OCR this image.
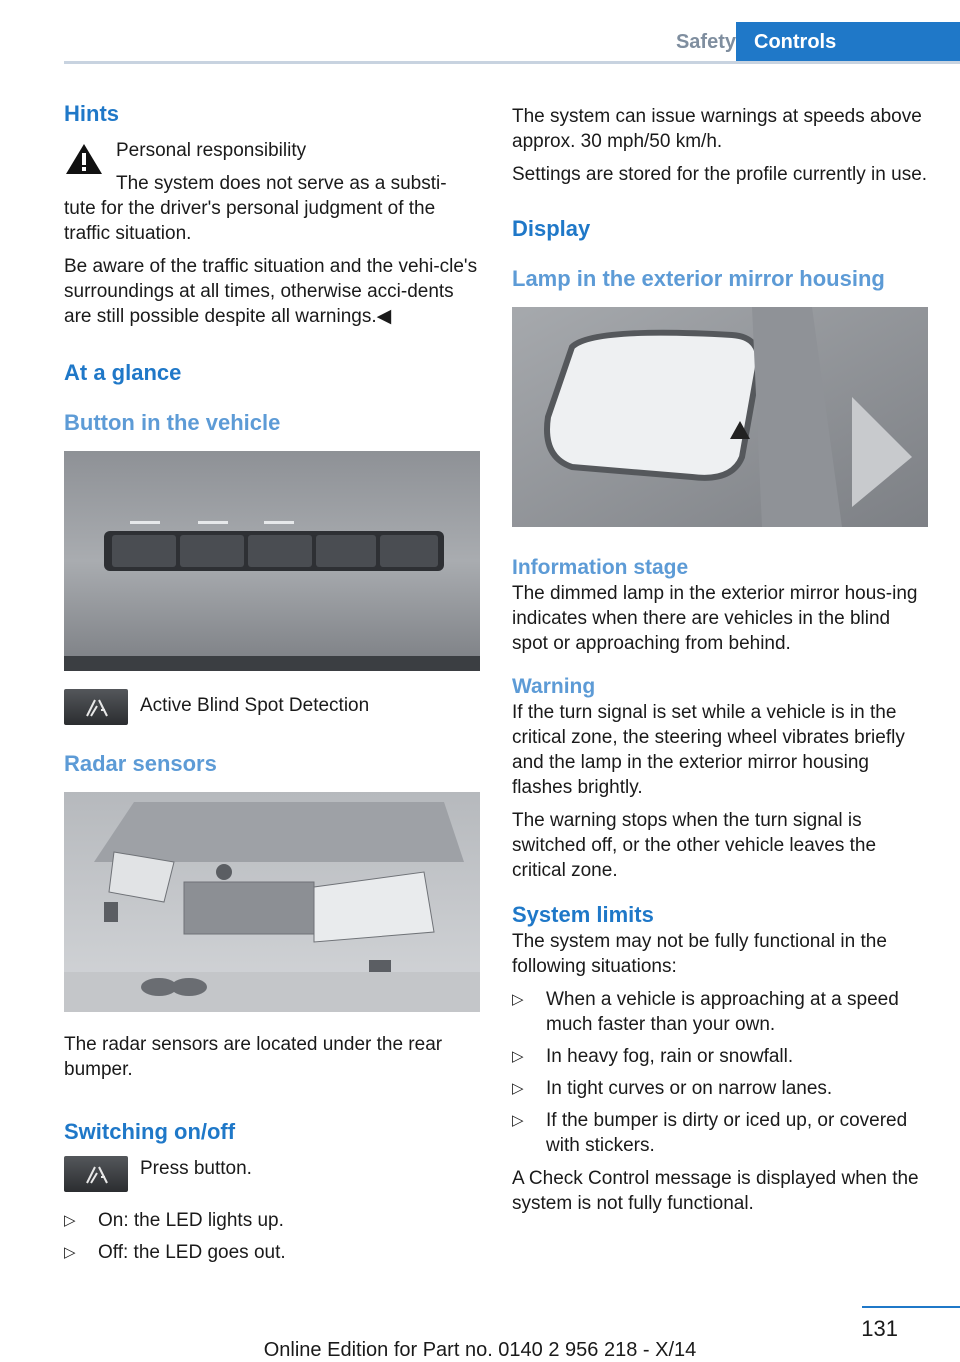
Safety Controls
Hints

Personal responsibility

The system does not serve as a substi-

tute for the driver's personal judgment of the traffic situation.

Be aware of the traffic situation and the vehi-cle's surroundings at all times, otherwise acci-dents are still possible despite all warnings.◀

At a glance
Button in the vehicle

Active Blind Spot Detection

Radar sensors

The radar sensors are located under the rear bumper.

Switching on/off

Press button.

▷ On: the LED lights up.
▷ Off: the LED goes out.

The system can issue warnings at speeds above approx. 30 mph/50 km/h.

Settings are stored for the profile currently in use.

Display
Lamp in the exterior mirror housing
Information stage

The dimmed lamp in the exterior mirror hous-ing indicates when there are vehicles in the blind spot or approaching from behind.

Warning

If the turn signal is set while a vehicle is in the critical zone, the steering wheel vibrates briefly and the lamp in the exterior mirror housing flashes brightly.

The warning stops when the turn signal is switched off, or the other vehicle leaves the critical zone.

System limits

The system may not be fully functional in the following situations:

▷ When a vehicle is approaching at a speed much faster than your own.
▷ In heavy fog, rain or snowfall.
▷ In tight curves or on narrow lanes.
▷ If the bumper is dirty or iced up, or covered with stickers.

A Check Control message is displayed when the system is not fully functional.

131
Online Edition for Part no. 0140 2 956 218 - X/14
